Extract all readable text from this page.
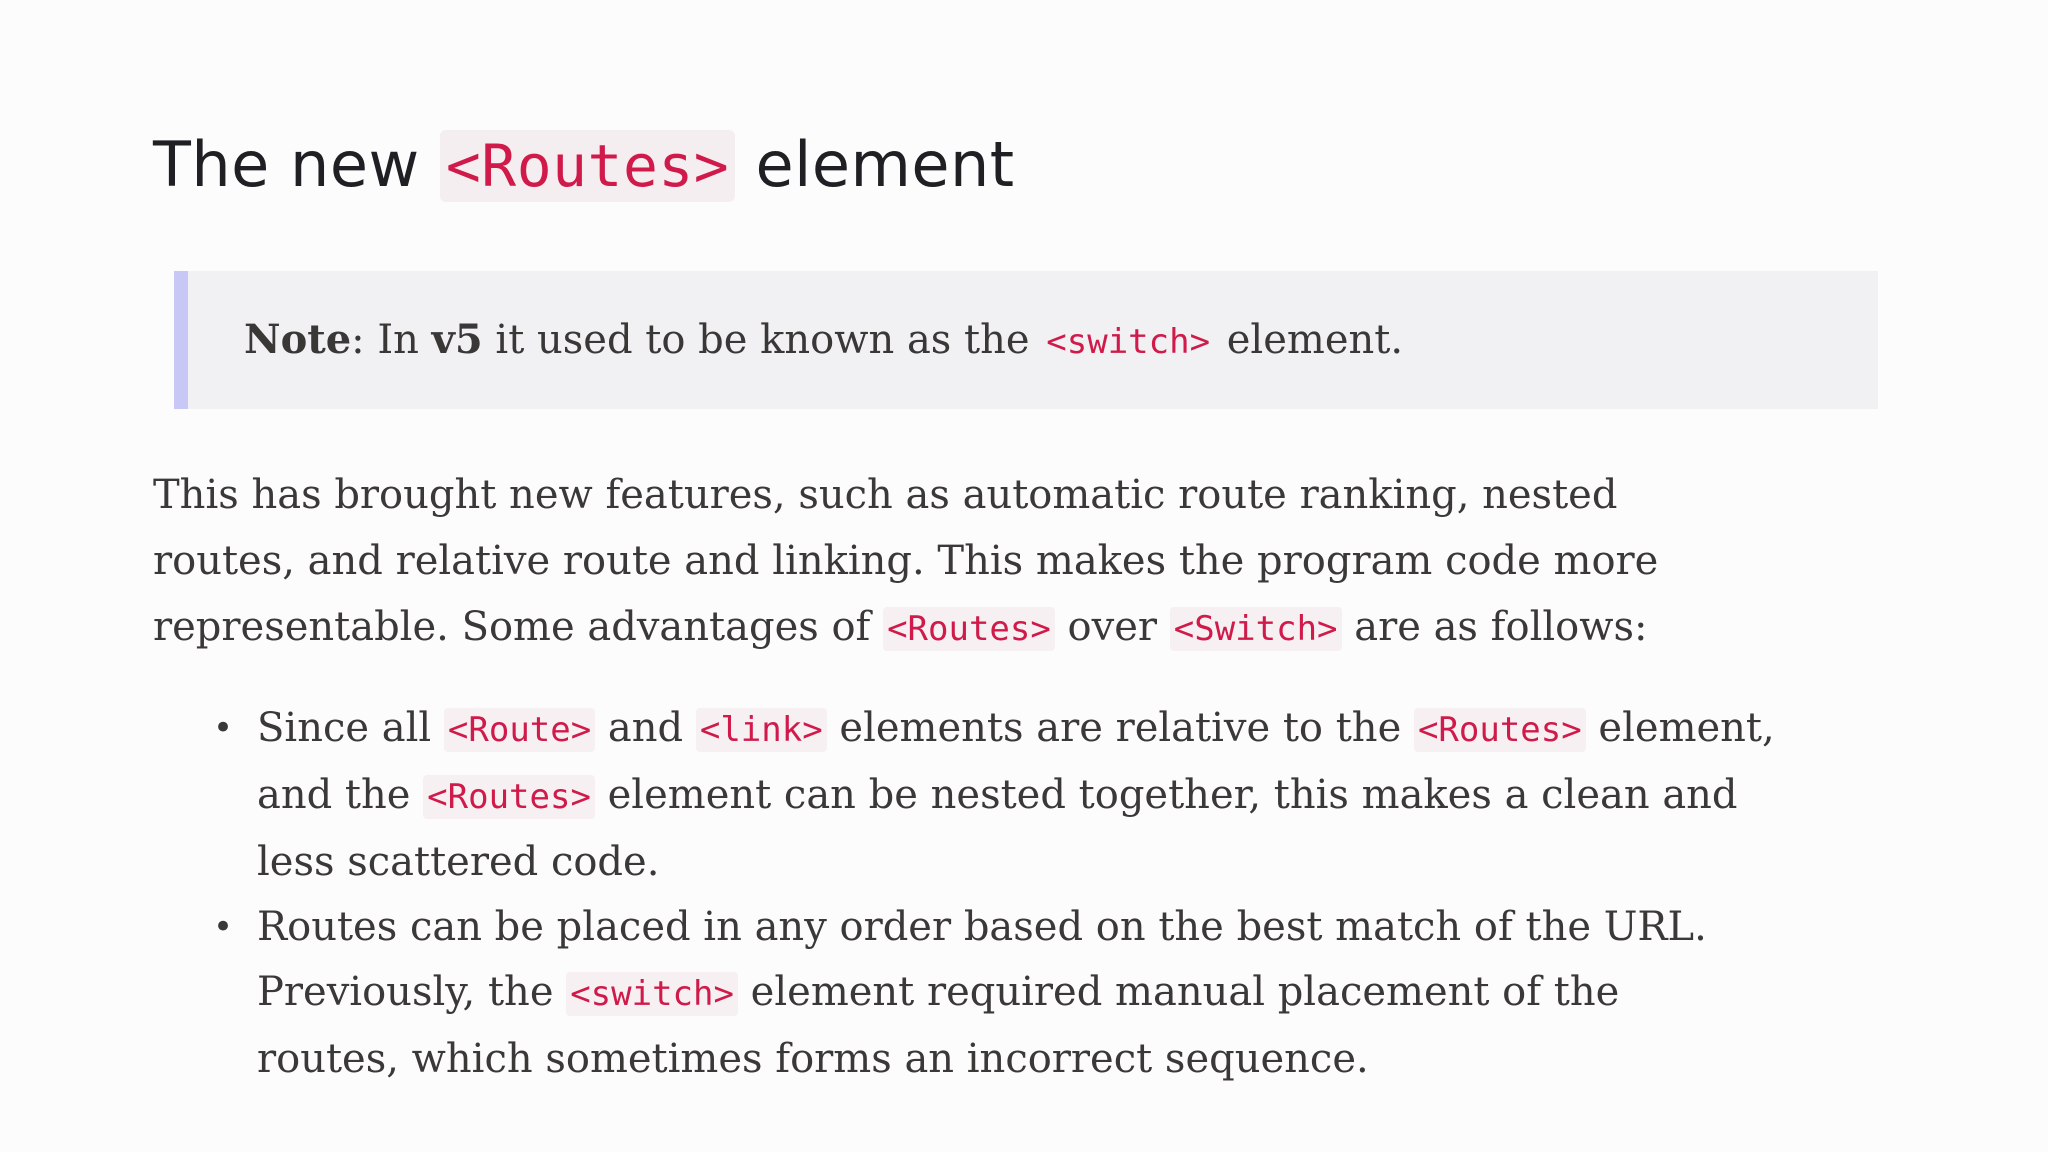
The new <Routes> element

Note: In v5 it used to be known as the <switch> element.

This has brought new features, such as automatic route ranking, nested
routes, and relative route and linking. This makes the program code more
representable. Some advantages of <Routes> over <Switch> are as follows:

• Since all <Route> and <link> elements are relative to the <Routes> element,
and the <Routes> element can be nested together, this makes a clean and
less scattered code.
• Routes can be placed in any order based on the best match of the URL.
Previously, the <switch> element required manual placement of the
routes, which sometimes forms an incorrect sequence.
